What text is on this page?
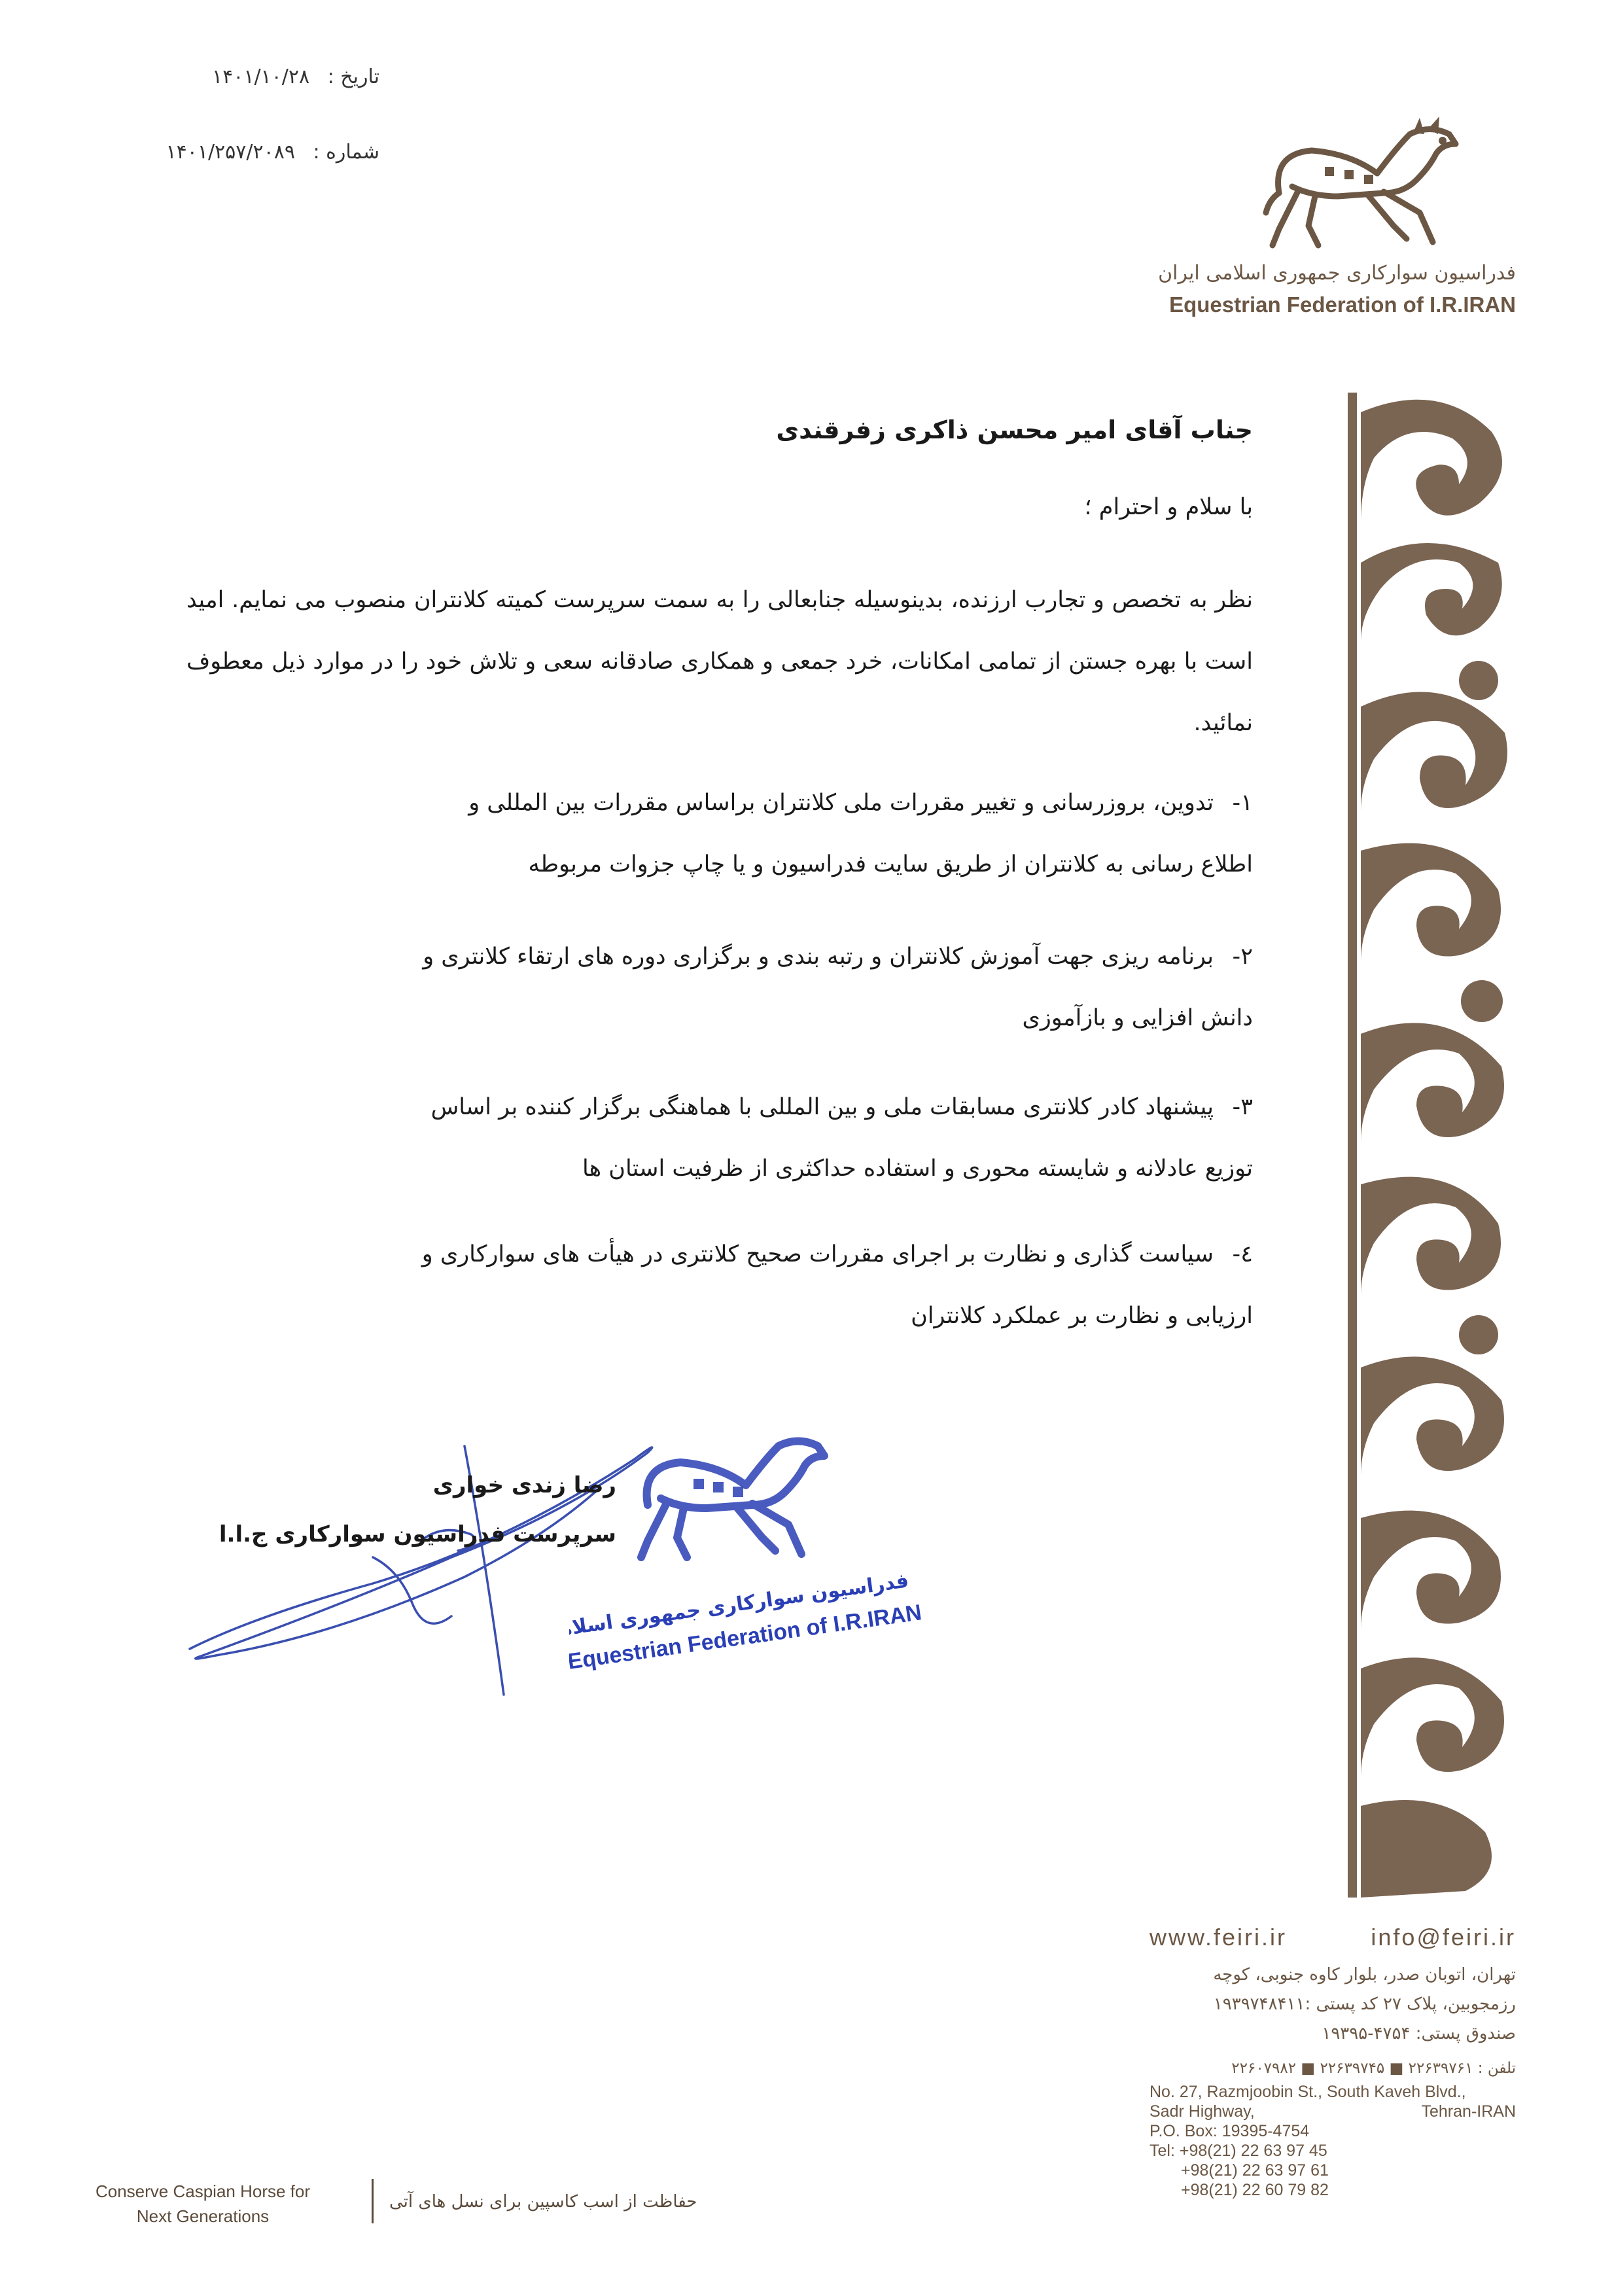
تاریخ : ۱۴۰۱/۱۰/۲۸
شماره : ۱۴۰۱/۲۵۷/۲۰۸۹
فدراسیون سوارکاری جمهوری اسلامی ایران
Equestrian Federation of I.R.IRAN
جناب آقای امیر محسن ذاکری زفرقندی
با سلام و احترام ؛
نظر به تخصص و تجارب ارزنده، بدینوسیله جنابعالی را به سمت سرپرست کمیته کلانتران منصوب می نمایم. امید است با بهره جستن از تمامی امکانات، خرد جمعی و همکاری صادقانه سعی و تلاش خود را در موارد ذیل معطوف نمائید.
۱-تدوین، بروزرسانی و تغییر مقررات ملی کلانتران براساس مقررات بین المللی و
اطلاع رسانی به کلانتران از طریق سایت فدراسیون و یا چاپ جزوات مربوطه
۲-برنامه ریزی جهت آموزش کلانتران و رتبه بندی و برگزاری دوره های ارتقاء کلانتری و
دانش افزایی و بازآموزی
۳-پیشنهاد کادر کلانتری مسابقات ملی و بین المللی با هماهنگی برگزار کننده بر اساس
توزیع عادلانه و شایسته محوری و استفاده حداکثری از ظرفیت استان ها
٤-سیاست گذاری و نظارت بر اجرای مقررات صحیح کلانتری در هیأت های سوارکاری و
ارزیابی و نظارت بر عملکرد کلانتران
فدراسیون سوارکاری جمهوری اسلامی
Equestrian Federation of I.R.IRAN
رضا زندی خواری
سرپرست فدراسیون سوارکاری ج.ا.ا
www.feiri.ir	info@feiri.ir
تهران، اتوبان صدر، بلوار کاوه جنوبی، کوچه
رزمجوبین، پلاک ۲۷ کد پستی :۱۹۳۹۷۴۸۴۱۱
صندوق پستی: ۴۷۵۴-۱۹۳۹۵
تلفن : ۲۲۶۳۹۷۶۱ ■ ۲۲۶۳۹۷۴۵ ■ ۲۲۶۰۷۹۸۲
No. 27, Razmjoobin St., South Kaveh Blvd.,
Sadr Highway,	Tehran-IRAN
P.O. Box: 19395-4754
Tel: +98(21) 22 63 97 45
+98(21) 22 63 97 61
+98(21) 22 60 79 82
Conserve Caspian Horse for
Next Generations
حفاظت از اسب کاسپین برای نسل های آتی
